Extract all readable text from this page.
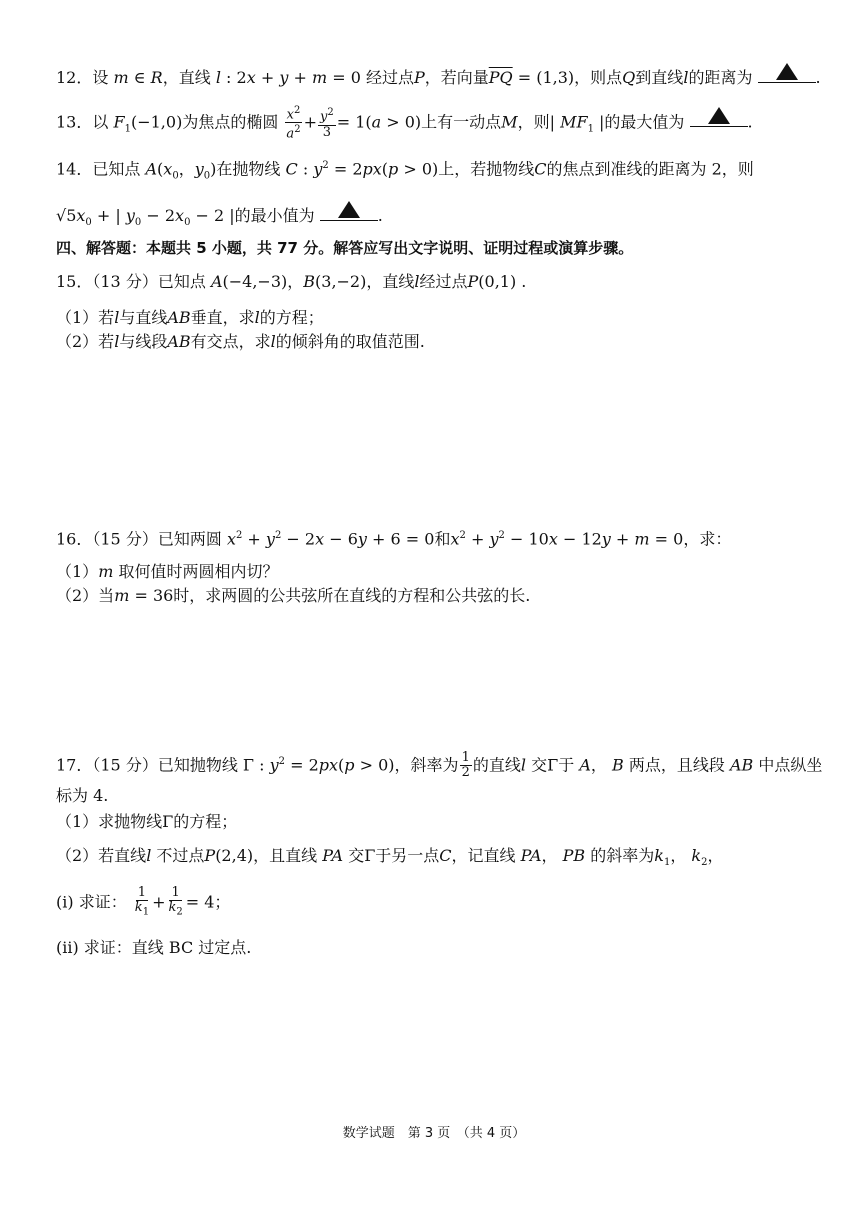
12．设 m ∈ R，直线 l : 2x + y + m = 0 经过点P，若向量$\overline{PQ} = (1,3)$，则点Q到直线l的距离为	.
13．以 $F_1(-1,0)$为焦点的椭圆 $\frac{x^2}{a^2} + \frac{y^2}{3} = 1(a > 0)$上有一动点M，则| $MF_1$ |的最大值为	.
14．已知点 $A(x_0$，$y_0$)在抛物线 C : $y^2 = 2px(p > 0)$上，若抛物线C的焦点到准线的距离为 2，则
$√5x_0$ + | $y_0 - 2x_0 - 2$ |的最小值为	.
四、解答题：本题共 5 小题，共 77 分。解答应写出文字说明、证明过程或演算步骤。
15．（13 分）已知点 A(−4,−3)，B(3,−2)，直线l经过点P(0,1) .
（1）若l与直线AB垂直，求l的方程；
（2）若l与线段AB有交点，求l的倾斜角的取值范围.
16．（15 分）已知两圆 $x^2 + y^2 - 2x - 6y + 6 = 0$和$x^2 + y^2 - 10x - 12y + m = 0$，求：
（1）m 取何值时两圆相内切？
（2）当m = 36时，求两圆的公共弦所在直线的方程和公共弦的长.
17．（15 分）已知抛物线 Γ : $y^2 = 2px(p > 0)$，斜率为 $\frac{1}{2}$ 的直线l 交Γ于 A， B 两点，且线段 AB 中点纵坐
标为 4.
（1）求抛物线Γ的方程；
（2）若直线l 不过点P(2,4)，且直线 PA 交Γ于另一点C，记直线 PA， PB 的斜率为$k_1$， $k_2$，
(i) 求证： $\frac{1}{k_1} + \frac{1}{k_2} = 4$；
(ii) 求证：直线 BC 过定点.
数学试题　第 3 页　（共 4 页）
